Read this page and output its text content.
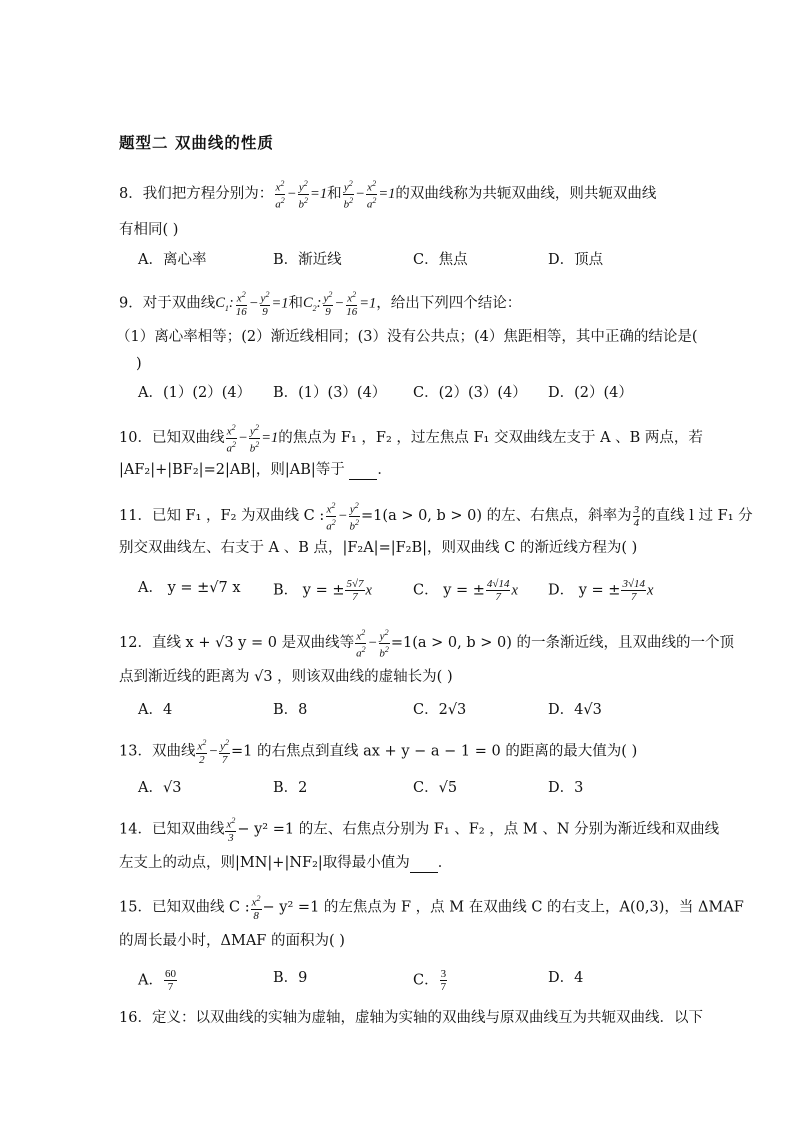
题型二 双曲线的性质
8．我们把方程分别为： $\frac{x^2}{a^2} - \frac{y^2}{b^2} =1$和 $\frac{y^2}{b^2} - \frac{x^2}{a^2} =1$的双曲线称为共轭双曲线，则共轭双曲线
有相同( )
A．离心率	B．渐近线	C．焦点	D．顶点
9．对于双曲线$C_1$: $\frac{x^2}{16} - \frac{y^2}{9} =1$和$C_2$: $\frac{y^2}{9} - \frac{x^2}{16} =1$，给出下列四个结论：
（1）离心率相等；(2）渐近线相同；(3）没有公共点；(4）焦距相等，其中正确的结论是(
)
A．(1）(2）(4） B．(1）(3）(4） C．(2）(3）(4） D．(2）(4）
10．已知双曲线 $\frac{x^2}{a^2} - \frac{y^2}{b^2} =1$的焦点为 F₁ ，F₂ ，过左焦点 F₁ 交双曲线左支于 A 、B 两点，若
|AF₂|+|BF₂|=2|AB|，则|AB|等于 ．
11．已知 F₁ ，F₂ 为双曲线 C : $\frac{x^2}{a^2} - \frac{y^2}{b^2} =1(a > 0$, b > 0) 的左、右焦点，斜率为 $\frac{3}{4}$ 的直线 l 过 F₁ 分
别交双曲线左、右支于 A 、B 点，|F₂A|=|F₂B|，则双曲线 C 的渐近线方程为( )
A． y = ±√7 x B． y = ± $\frac{5√7}{7}$ x	C． y = ± $\frac{4√14}{7}$ x D． y = ± $\frac{3√14}{7}$ x
12．直线 x + √3 y = 0 是双曲线等 $\frac{x^2}{a^2} - \frac{y^2}{b^2} =1(a > 0$, b > 0) 的一条渐近线，且双曲线的一个顶
点到渐近线的距离为 √3 ，则该双曲线的虚轴长为( )
A．4	B．8	C．2√3	D．4√3
13．双曲线 $\frac{x^2}{2} - \frac{y^2}{7} =1$ 的右焦点到直线 ax + y − a − 1 = 0 的距离的最大值为( )
A．√3	B．2	C．√5	D．3
14．已知双曲线 $\frac{x^2}{3} - y^2 =1$ 的左、右焦点分别为 F₁ 、F₂ ，点 M 、N 分别为渐近线和双曲线
左支上的动点，则|MN|+|NF₂|取得最小值为 ．
15．已知双曲线 C : $\frac{x^2}{8} - y^2 =1$ 的左焦点为 F ，点 M 在双曲线 C 的右支上，A(0,3)，当 ΔMAF
的周长最小时，ΔMAF 的面积为( )
A． $\frac{60}{7}$	B．9	C． $\frac{3}{7}$	D．4
16．定义：以双曲线的实轴为虚轴，虚轴为实轴的双曲线与原双曲线互为共轭双曲线．以下
